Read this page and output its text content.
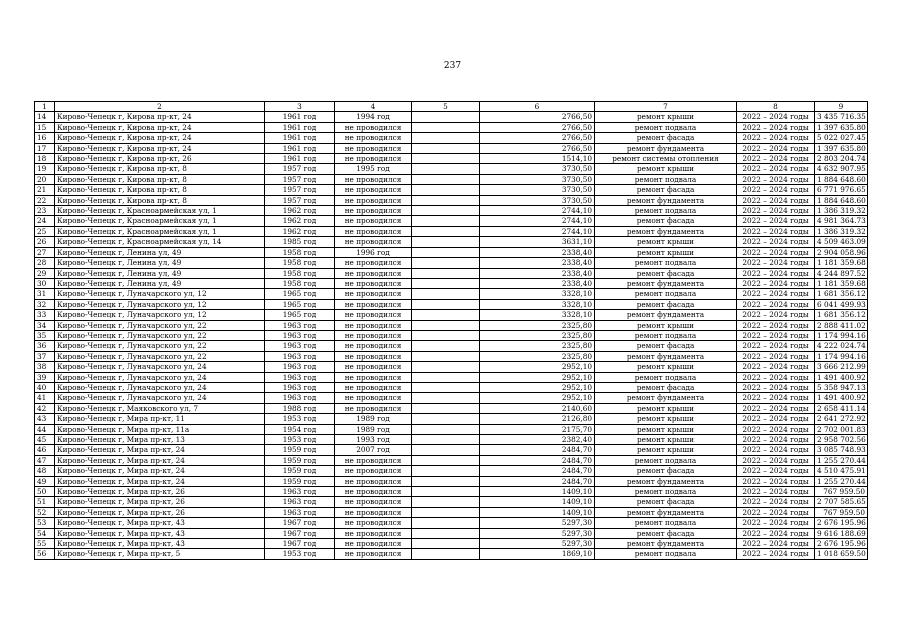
237
1	2	3	4	5	6	7	8	9
14	Кирово-Чепецк г, Кирова пр-кт, 24	1961 год	1994 год		2766,50	ремонт крыши	2022 – 2024 годы	3 435 716.35
15	Кирово-Чепецк г, Кирова пр-кт, 24	1961 год	не проводился		2766,50	ремонт подвала	2022 – 2024 годы	1 397 635.80
16	Кирово-Чепецк г, Кирова пр-кт, 24	1961 год	не проводился		2766,50	ремонт фасада	2022 – 2024 годы	5 022 027.45
17	Кирово-Чепецк г, Кирова пр-кт, 24	1961 год	не проводился		2766,50	ремонт фундамента	2022 – 2024 годы	1 397 635.80
18	Кирово-Чепецк г, Кирова пр-кт, 26	1961 год	не проводился		1514,10	ремонт системы отопления	2022 – 2024 годы	2 803 204.74
19	Кирово-Чепецк г, Кирова пр-кт, 8	1957 год	1995 год		3730,50	ремонт крыши	2022 – 2024 годы	4 632 907.95
20	Кирово-Чепецк г, Кирова пр-кт, 8	1957 год	не проводился		3730,50	ремонт подвала	2022 – 2024 годы	1 884 648.60
21	Кирово-Чепецк г, Кирова пр-кт, 8	1957 год	не проводился		3730,50	ремонт фасада	2022 – 2024 годы	6 771 976.65
22	Кирово-Чепецк г, Кирова пр-кт, 8	1957 год	не проводился		3730,50	ремонт фундамента	2022 – 2024 годы	1 884 648.60
23	Кирово-Чепецк г, Красноармейская ул, 1	1962 год	не проводился		2744,10	ремонт подвала	2022 – 2024 годы	1 386 319.32
24	Кирово-Чепецк г, Красноармейская ул, 1	1962 год	не проводился		2744,10	ремонт фасада	2022 – 2024 годы	4 981 364.73
25	Кирово-Чепецк г, Красноармейская ул, 1	1962 год	не проводился		2744,10	ремонт фундамента	2022 – 2024 годы	1 386 319.32
26	Кирово-Чепецк г, Красноармейская ул, 14	1985 год	не проводился		3631,10	ремонт крыши	2022 – 2024 годы	4 509 463.09
27	Кирово-Чепецк г, Ленина ул, 49	1958 год	1996 год		2338,40	ремонт крыши	2022 – 2024 годы	2 904 058.96
28	Кирово-Чепецк г, Ленина ул, 49	1958 год	не проводился		2338,40	ремонт подвала	2022 – 2024 годы	1 181 359.68
29	Кирово-Чепецк г, Ленина ул, 49	1958 год	не проводился		2338,40	ремонт фасада	2022 – 2024 годы	4 244 897.52
30	Кирово-Чепецк г, Ленина ул, 49	1958 год	не проводился		2338,40	ремонт фундамента	2022 – 2024 годы	1 181 359.68
31	Кирово-Чепецк г, Луначарского ул, 12	1965 год	не проводился		3328,10	ремонт подвала	2022 – 2024 годы	1 681 356.12
32	Кирово-Чепецк г, Луначарского ул, 12	1965 год	не проводился		3328,10	ремонт фасада	2022 – 2024 годы	6 041 499.93
33	Кирово-Чепецк г, Луначарского ул, 12	1965 год	не проводился		3328,10	ремонт фундамента	2022 – 2024 годы	1 681 356.12
34	Кирово-Чепецк г, Луначарского ул, 22	1963 год	не проводился		2325,80	ремонт крыши	2022 – 2024 годы	2 888 411.02
35	Кирово-Чепецк г, Луначарского ул, 22	1963 год	не проводился		2325,80	ремонт подвала	2022 – 2024 годы	1 174 994.16
36	Кирово-Чепецк г, Луначарского ул, 22	1963 год	не проводился		2325,80	ремонт фасада	2022 – 2024 годы	4 222 024.74
37	Кирово-Чепецк г, Луначарского ул, 22	1963 год	не проводился		2325,80	ремонт фундамента	2022 – 2024 годы	1 174 994.16
38	Кирово-Чепецк г, Луначарского ул, 24	1963 год	не проводился		2952,10	ремонт крыши	2022 – 2024 годы	3 666 212.99
39	Кирово-Чепецк г, Луначарского ул, 24	1963 год	не проводился		2952,10	ремонт подвала	2022 – 2024 годы	1 491 400.92
40	Кирово-Чепецк г, Луначарского ул, 24	1963 год	не проводился		2952,10	ремонт фасада	2022 – 2024 годы	5 358 947.13
41	Кирово-Чепецк г, Луначарского ул, 24	1963 год	не проводился		2952,10	ремонт фундамента	2022 – 2024 годы	1 491 400.92
42	Кирово-Чепецк г, Маяковского ул, 7	1988 год	не проводился		2140,60	ремонт крыши	2022 – 2024 годы	2 658 411.14
43	Кирово-Чепецк г, Мира пр-кт, 11	1953 год	1989 год		2126,80	ремонт крыши	2022 – 2024 годы	2 641 272.92
44	Кирово-Чепецк г, Мира пр-кт, 11а	1954 год	1989 год		2175,70	ремонт крыши	2022 – 2024 годы	2 702 001.83
45	Кирово-Чепецк г, Мира пр-кт, 13	1953 год	1993 год		2382,40	ремонт крыши	2022 – 2024 годы	2 958 702.56
46	Кирово-Чепецк г, Мира пр-кт, 24	1959 год	2007 год		2484,70	ремонт крыши	2022 – 2024 годы	3 085 748.93
47	Кирово-Чепецк г, Мира пр-кт, 24	1959 год	не проводился		2484,70	ремонт подвала	2022 – 2024 годы	1 255 270.44
48	Кирово-Чепецк г, Мира пр-кт, 24	1959 год	не проводился		2484,70	ремонт фасада	2022 – 2024 годы	4 510 475.91
49	Кирово-Чепецк г, Мира пр-кт, 24	1959 год	не проводился		2484,70	ремонт фундамента	2022 – 2024 годы	1 255 270.44
50	Кирово-Чепецк г, Мира пр-кт, 26	1963 год	не проводился		1409,10	ремонт подвала	2022 – 2024 годы	767 959.50
51	Кирово-Чепецк г, Мира пр-кт, 26	1963 год	не проводился		1409,10	ремонт фасада	2022 – 2024 годы	2 707 585.65
52	Кирово-Чепецк г, Мира пр-кт, 26	1963 год	не проводился		1409,10	ремонт фундамента	2022 – 2024 годы	767 959.50
53	Кирово-Чепецк г, Мира пр-кт, 43	1967 год	не проводился		5297,30	ремонт подвала	2022 – 2024 годы	2 676 195.96
54	Кирово-Чепецк г, Мира пр-кт, 43	1967 год	не проводился		5297,30	ремонт фасада	2022 – 2024 годы	9 616 188.69
55	Кирово-Чепецк г, Мира пр-кт, 43	1967 год	не проводился		5297,30	ремонт фундамента	2022 – 2024 годы	2 676 195.96
56	Кирово-Чепецк г, Мира пр-кт, 5	1953 год	не проводился		1869,10	ремонт подвала	2022 – 2024 годы	1 018 659.50
